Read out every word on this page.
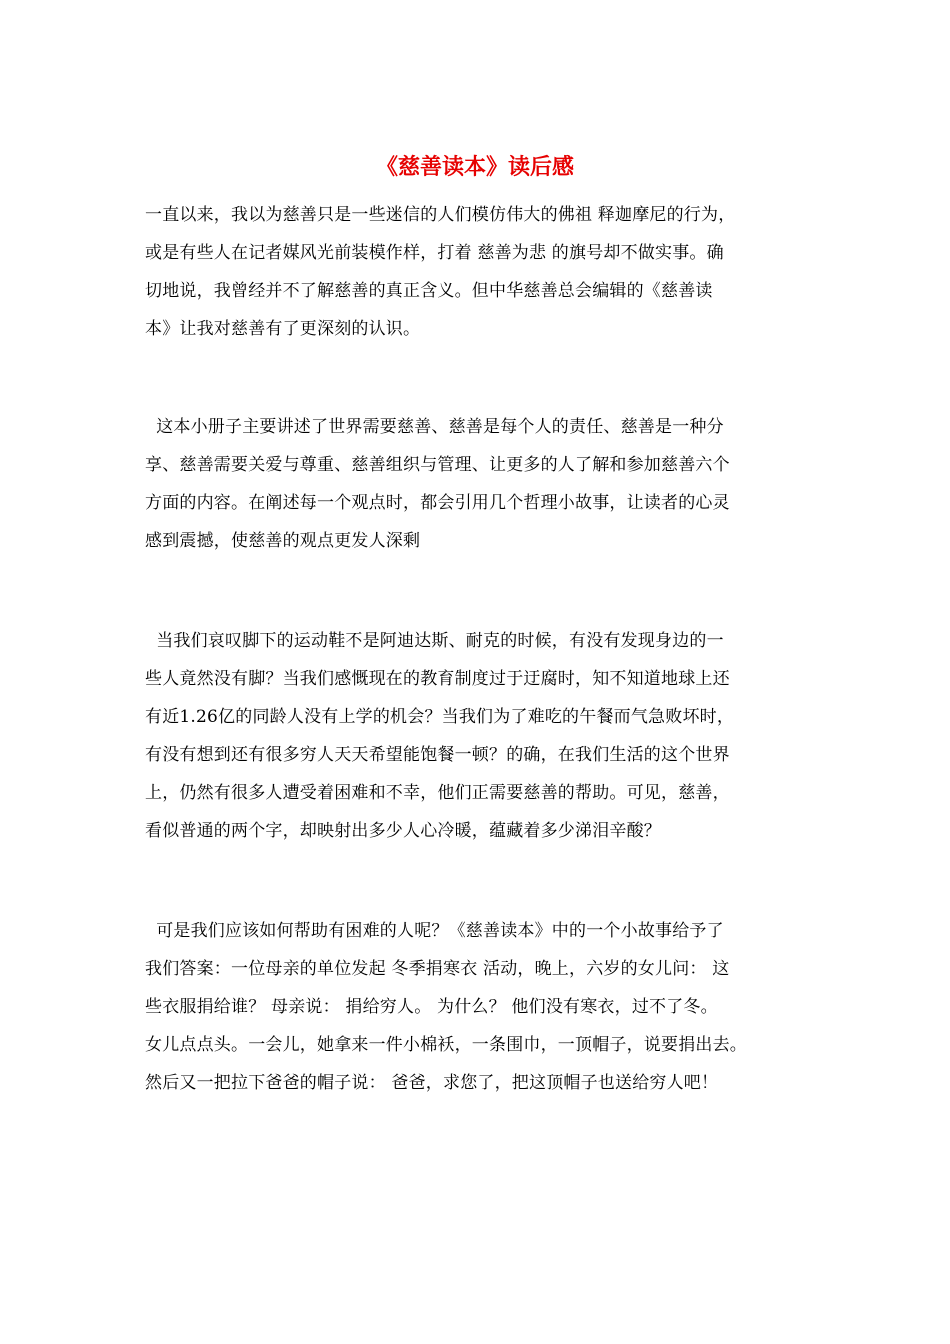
《慈善读本》读后感
一直以来，我以为慈善只是一些迷信的人们模仿伟大的佛祖 释迦摩尼的行为，
或是有些人在记者媒风光前装模作样，打着 慈善为悲 的旗号却不做实事。确
切地说，我曾经并不了解慈善的真正含义。但中华慈善总会编辑的《慈善读
本》让我对慈善有了更深刻的认识。
这本小册子主要讲述了世界需要慈善、慈善是每个人的责任、慈善是一种分
享、慈善需要关爱与尊重、慈善组织与管理、让更多的人了解和参加慈善六个
方面的内容。在阐述每一个观点时，都会引用几个哲理小故事，让读者的心灵
感到震撼，使慈善的观点更发人深剩
当我们哀叹脚下的运动鞋不是阿迪达斯、耐克的时候，有没有发现身边的一
些人竟然没有脚？当我们感慨现在的教育制度过于迂腐时，知不知道地球上还
有近1.26亿的同龄人没有上学的机会？当我们为了难吃的午餐而气急败坏时，
有没有想到还有很多穷人天天希望能饱餐一顿？的确，在我们生活的这个世界
上，仍然有很多人遭受着困难和不幸，他们正需要慈善的帮助。可见，慈善，
看似普通的两个字，却映射出多少人心冷暖，蕴藏着多少涕泪辛酸？
可是我们应该如何帮助有困难的人呢？《慈善读本》中的一个小故事给予了
我们答案：一位母亲的单位发起 冬季捐寒衣 活动，晚上，六岁的女儿问： 这
些衣服捐给谁？ 母亲说： 捐给穷人。 为什么？ 他们没有寒衣，过不了冬。
女儿点点头。一会儿，她拿来一件小棉袄，一条围巾，一顶帽子，说要捐出去。
然后又一把拉下爸爸的帽子说： 爸爸，求您了，把这顶帽子也送给穷人吧！
